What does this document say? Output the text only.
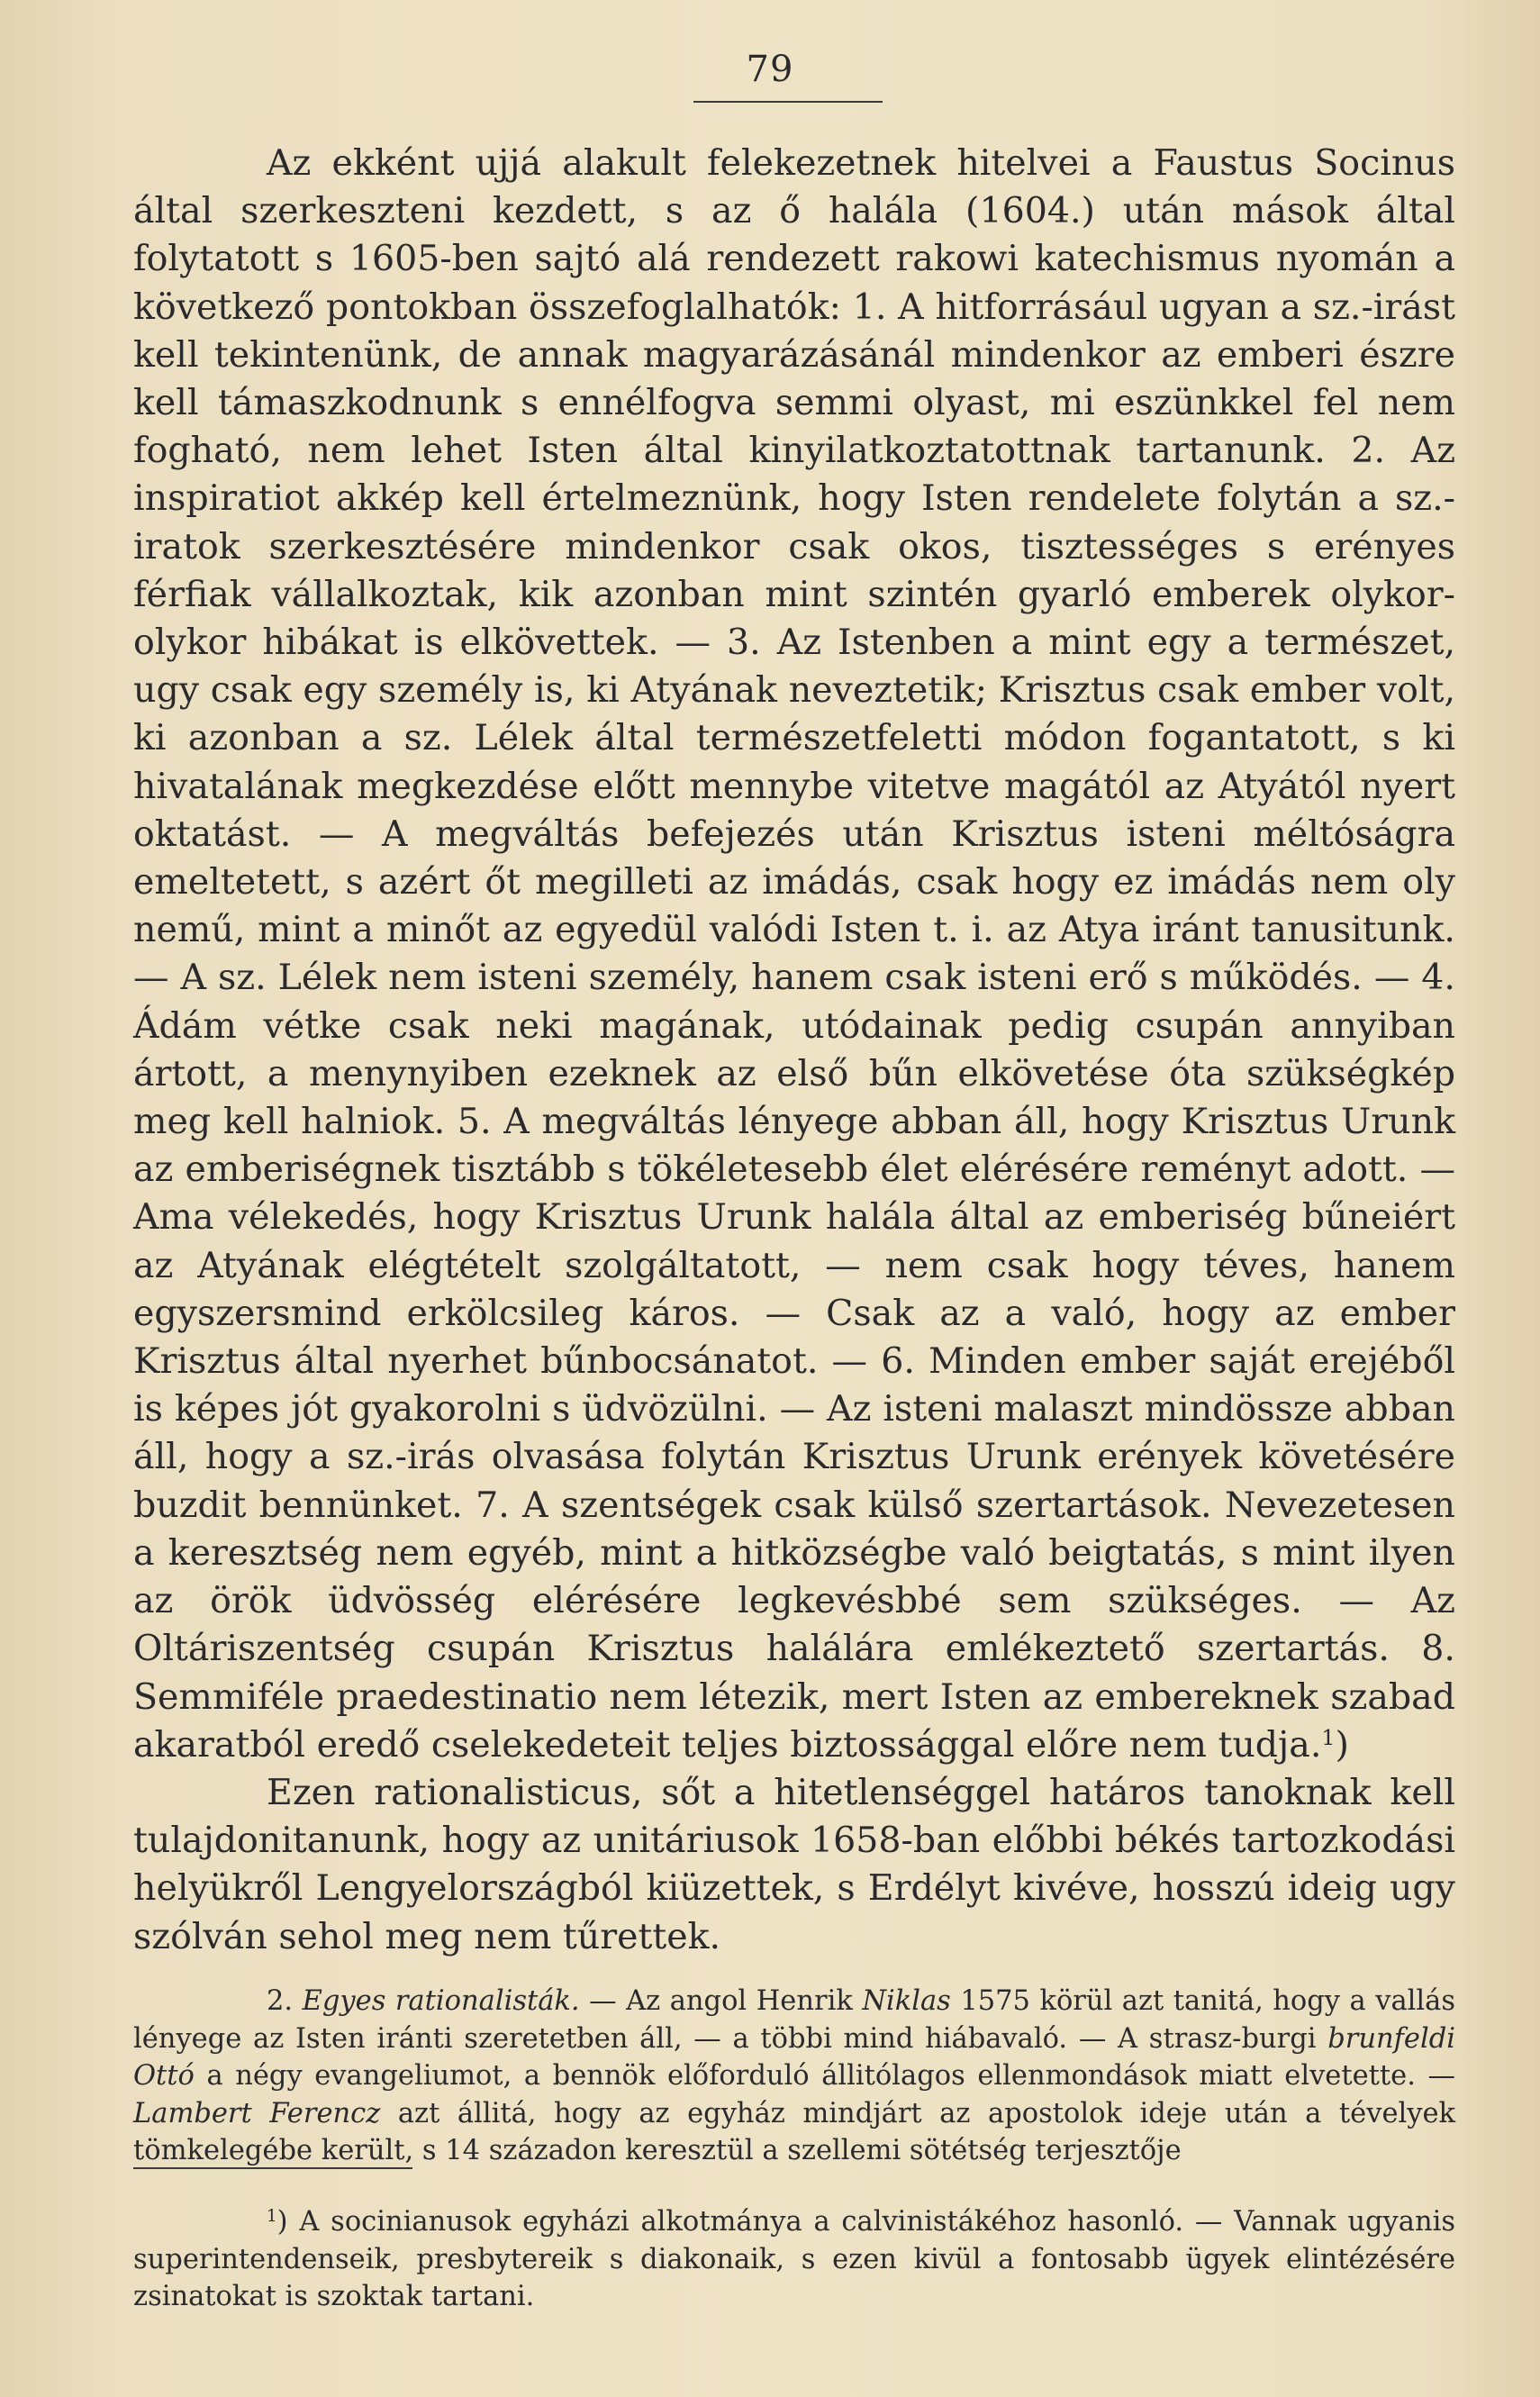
79

Az ekként ujjá alakult felekezetnek hitelvei a Faustus Socinus által szerkeszteni kezdett, s az ő halála (1604.) után mások által folytatott s 1605-ben sajtó alá rendezett rakowi katechismus nyomán a következő pontokban összefoglalhatók: 1. A hitforrásául ugyan a sz.-irást kell tekintenünk, de annak magyarázásánál mindenkor az emberi észre kell támaszkodnunk s ennélfogva semmi olyast, mi eszünkkel fel nem fogható, nem lehet Isten által kinyilatkoztatottnak tartanunk. 2. Az inspiratiot akkép kell értelmeznünk, hogy Isten rendelete folytán a sz.-iratok szerkesztésére mindenkor csak okos, tisztességes s erényes férfiak vállalkoztak, kik azonban mint szintén gyarló emberek olykor-olykor hibákat is elkövettek. — 3. Az Istenben a mint egy a természet, ugy csak egy személy is, ki Atyának neveztetik; Krisztus csak ember volt, ki azonban a sz. Lélek által természetfeletti módon fogantatott, s ki hivatalának megkezdése előtt mennybe vitetve magától az Atyától nyert oktatást. — A megváltás befejezés után Krisztus isteni méltóságra emeltetett, s azért őt megilleti az imádás, csak hogy ez imádás nem oly nemű, mint a minőt az egyedül valódi Isten t. i. az Atya iránt tanusitunk. — A sz. Lélek nem isteni személy, hanem csak isteni erő s működés. — 4. Ádám vétke csak neki magának, utódainak pedig csupán annyiban ártott, a menynyiben ezeknek az első bűn elkövetése óta szükségkép meg kell halniok. 5. A megváltás lényege abban áll, hogy Krisztus Urunk az emberiségnek tisztább s tökéletesebb élet elérésére reményt adott. — Ama vélekedés, hogy Krisztus Urunk halála által az emberiség bűneiért az Atyának elégtételt szolgáltatott, — nem csak hogy téves, hanem egyszersmind erkölcsileg káros. — Csak az a való, hogy az ember Krisztus által nyerhet bűnbocsánatot. — 6. Minden ember saját erejéből is képes jót gyakorolni s üdvözülni. — Az isteni malaszt mindössze abban áll, hogy a sz.-irás olvasása folytán Krisztus Urunk erények követésére buzdit bennünket. 7. A szentségek csak külső szertartások. Nevezetesen a keresztség nem egyéb, mint a hitközségbe való beigtatás, s mint ilyen az örök üdvösség elérésére legkevésbbé sem szükséges. — Az Oltáriszentség csupán Krisztus halálára emlékeztető szertartás. 8. Semmiféle praedestinatio nem létezik, mert Isten az embereknek szabad akaratból eredő cselekedeteit teljes biztossággal előre nem tudja.$^1$)

Ezen rationalisticus, sőt a hitetlenséggel határos tanoknak kell tulajdonitanunk, hogy az unitáriusok 1658-ban előbbi békés tartozkodási helyükről Lengyelországból kiüzettek, s Erdélyt kivéve, hosszú ideig ugy szólván sehol meg nem tűrettek.

2. Egyes rationalisták. — Az angol Henrik Niklas 1575 körül azt tanitá, hogy a vallás lényege az Isten iránti szeretetben áll, — a többi mind hiábavaló. — A strasz-burgi brunfeldi Ottó a négy evangeliumot, a bennök előforduló állitólagos ellenmondások miatt elvetette. — Lambert Ferencz azt állitá, hogy az egyház mindjárt az apostolok ideje után a tévelyek tömkelegébe került, s 14 századon keresztül a szellemi sötétség terjesztője

$^1$) A socinianusok egyházi alkotmánya a calvinistákéhoz hasonló. — Vannak ugyanis superintendenseik, presbytereik s diakonaik, s ezen kivül a fontosabb ügyek elintézésére zsinatokat is szoktak tartani.
